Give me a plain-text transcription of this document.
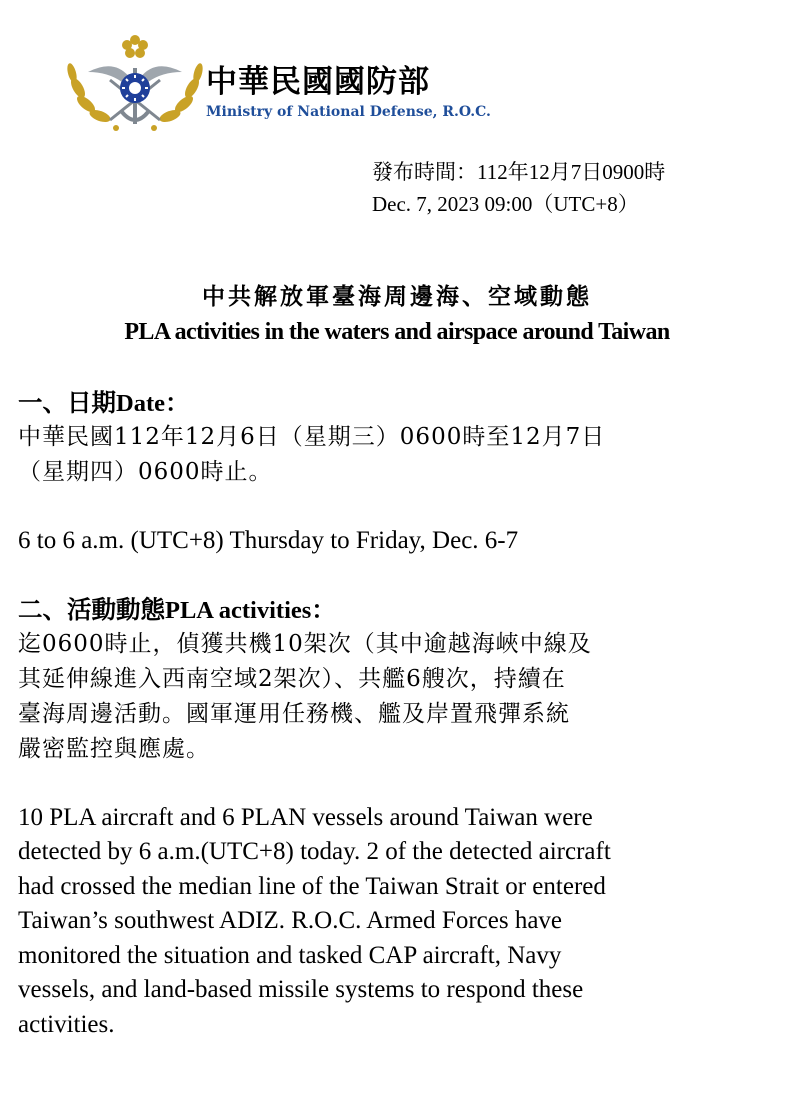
中華民國國防部
Ministry of National Defense, R.O.C.
發布時間：112年12月7日0900時
Dec. 7, 2023 09:00（UTC+8）
中共解放軍臺海周邊海、空域動態
PLA activities in the waters and airspace around Taiwan
一、日期Date：
中華民國112年12月6日（星期三）0600時至12月7日
（星期四）0600時止。
6 to 6 a.m. (UTC+8) Thursday to Friday, Dec. 6-7
二、活動動態PLA activities：
迄0600時止，偵獲共機10架次（其中逾越海峽中線及
其延伸線進入西南空域2架次）、共艦6艘次，持續在
臺海周邊活動。國軍運用任務機、艦及岸置飛彈系統
嚴密監控與應處。
10 PLA aircraft and 6 PLAN vessels around Taiwan were
detected by 6 a.m.(UTC+8) today. 2 of the detected aircraft
had crossed the median line of the Taiwan Strait or entered
Taiwan’s southwest ADIZ. R.O.C. Armed Forces have
monitored the situation and tasked CAP aircraft, Navy
vessels, and land-based missile systems to respond these
activities.
